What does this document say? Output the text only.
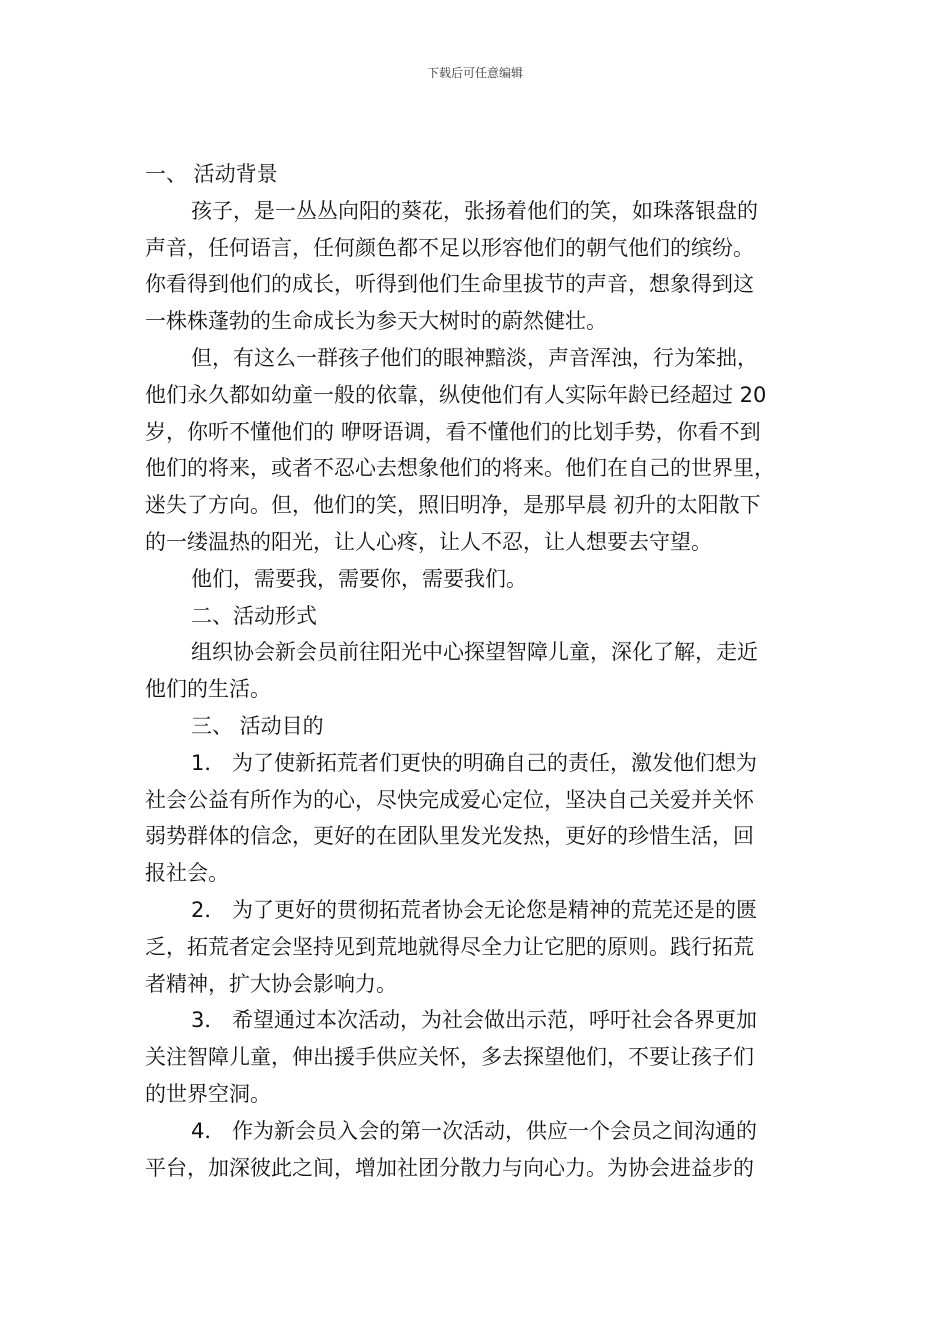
下载后可任意编辑
一、 活动背景
孩子，是一丛丛向阳的葵花，张扬着他们的笑，如珠落银盘的
声音，任何语言，任何颜色都不足以形容他们的朝气他们的缤纷。
你看得到他们的成长，听得到他们生命里拔节的声音，想象得到这
一株株蓬勃的生命成长为参天大树时的蔚然健壮。
但，有这么一群孩子他们的眼神黯淡，声音浑浊，行为笨拙，
他们永久都如幼童一般的依靠，纵使他们有人实际年龄已经超过 20
岁，你听不懂他们的 咿呀语调，看不懂他们的比划手势，你看不到
他们的将来，或者不忍心去想象他们的将来。他们在自己的世界里，
迷失了方向。但，他们的笑，照旧明净，是那早晨 初升的太阳散下
的一缕温热的阳光，让人心疼，让人不忍，让人想要去守望。
他们，需要我，需要你，需要我们。
二、活动形式
组织协会新会员前往阳光中心探望智障儿童，深化了解，走近
他们的生活。
三、 活动目的
1． 为了使新拓荒者们更快的明确自己的责任，激发他们想为
社会公益有所作为的心，尽快完成爱心定位，坚决自己关爱并关怀
弱势群体的信念，更好的在团队里发光发热，更好的珍惜生活，回
报社会。
2． 为了更好的贯彻拓荒者协会无论您是精神的荒芜还是的匮
乏，拓荒者定会坚持见到荒地就得尽全力让它肥的原则。践行拓荒
者精神，扩大协会影响力。
3． 希望通过本次活动，为社会做出示范，呼吁社会各界更加
关注智障儿童，伸出援手供应关怀，多去探望他们，不要让孩子们
的世界空洞。
4． 作为新会员入会的第一次活动，供应一个会员之间沟通的
平台，加深彼此之间，增加社团分散力与向心力。为协会进益步的
